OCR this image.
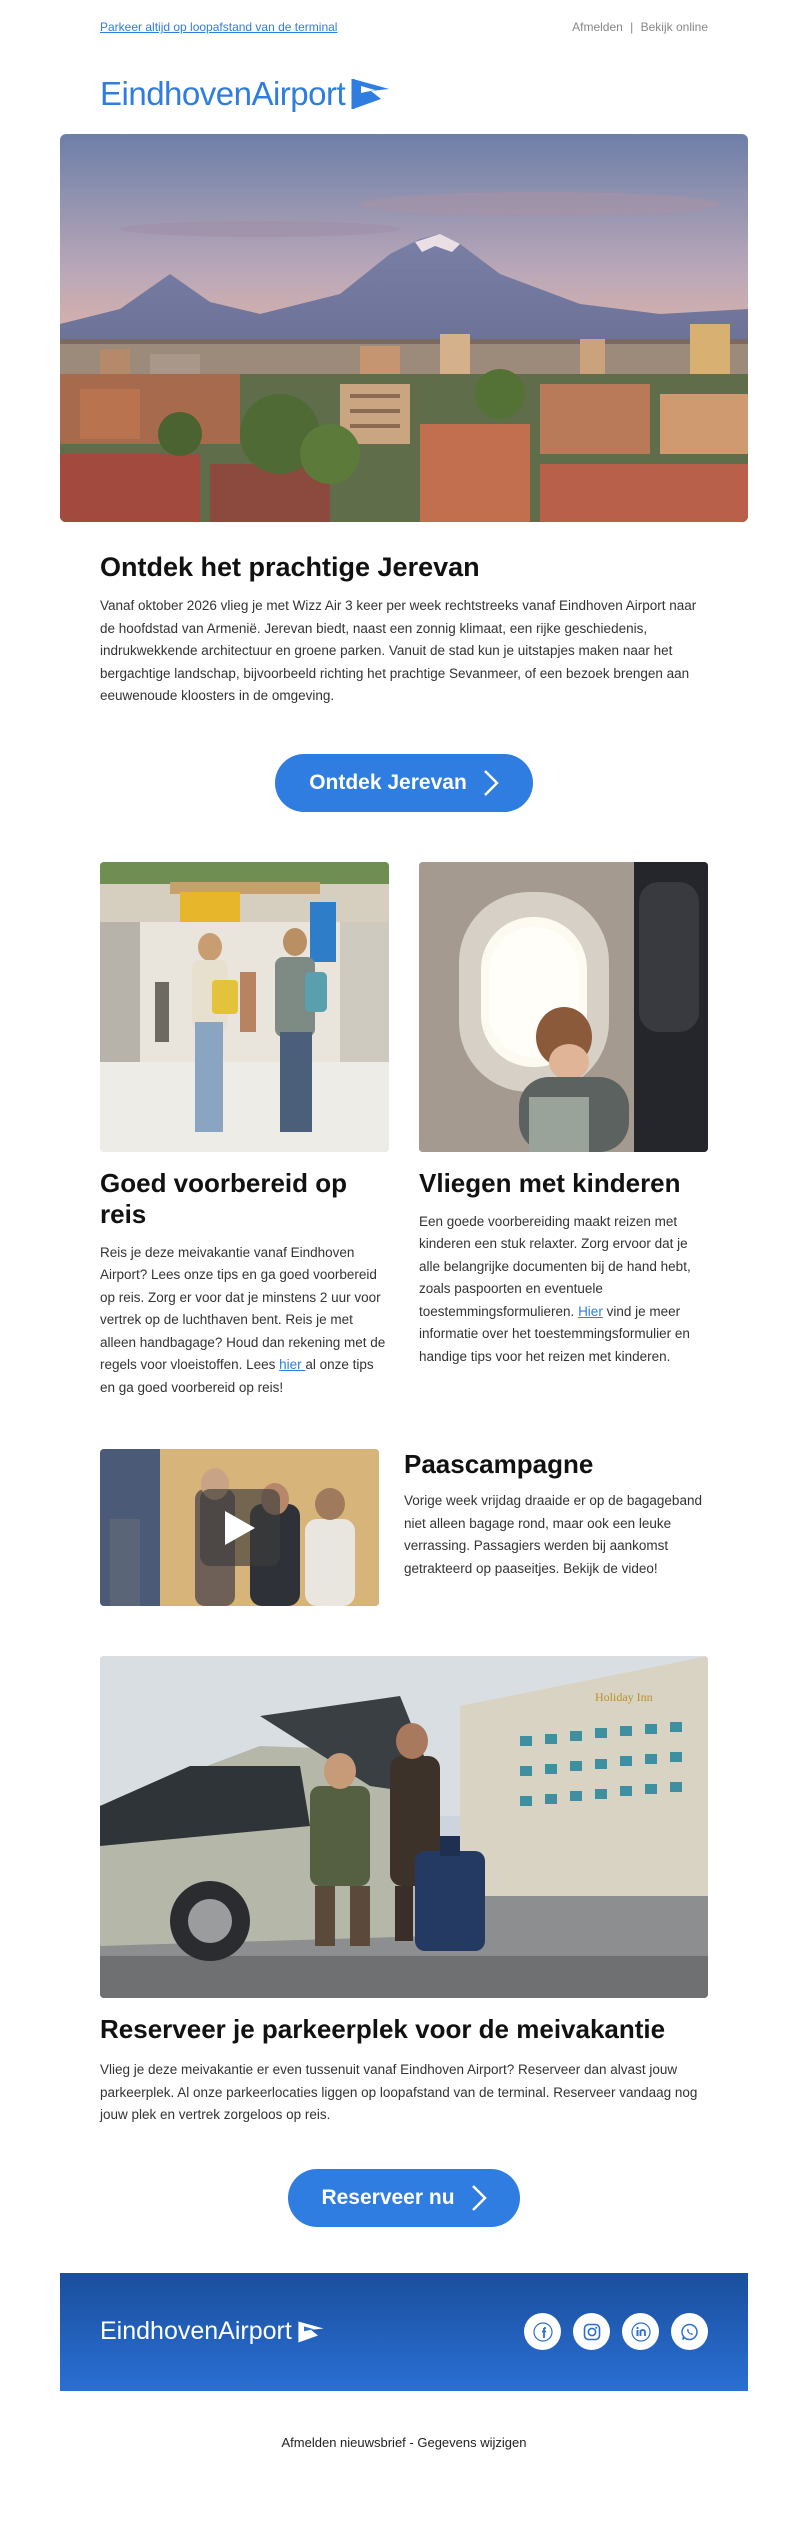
Parkeer altijd op loopafstand van de terminal	Afmelden | Bekijk online
EindhovenAirport
Ontdek het prachtige Jerevan

Vanaf oktober 2026 vlieg je met Wizz Air 3 keer per week rechtstreeks vanaf Eindhoven Airport naar de hoofdstad van Armenië. Jerevan biedt, naast een zonnig klimaat, een rijke geschiedenis, indrukwekkende architectuur en groene parken. Vanuit de stad kun je uitstapjes maken naar het bergachtige landschap, bijvoorbeeld richting het prachtige Sevanmeer, of een bezoek brengen aan eeuwenoude kloosters in de omgeving.

Ontdek Jerevan
Goed voorbereid op reis

Reis je deze meivakantie vanaf Eindhoven Airport? Lees onze tips en ga goed voorbereid op reis. Zorg er voor dat je minstens 2 uur voor vertrek op de luchthaven bent. Reis je met alleen handbagage? Houd dan rekening met de regels voor vloeistoffen. Lees hier al onze tips en ga goed voorbereid op reis!

Vliegen met kinderen

Een goede voorbereiding maakt reizen met kinderen een stuk relaxter. Zorg ervoor dat je alle belangrijke documenten bij de hand hebt, zoals paspoorten en eventuele toestemmingsformulieren. Hier vind je meer informatie over het toestemmingsformulier en handige tips voor het reizen met kinderen.

Paascampagne

Vorige week vrijdag draaide er op de bagageband niet alleen bagage rond, maar ook een leuke verrassing. Passagiers werden bij aankomst getrakteerd op paaseitjes. Bekijk de video!

Holiday Inn
Reserveer je parkeerplek voor de meivakantie

Vlieg je deze meivakantie er even tussenuit vanaf Eindhoven Airport? Reserveer dan alvast jouw parkeerplek. Al onze parkeerlocaties liggen op loopafstand van de terminal. Reserveer vandaag nog jouw plek en vertrek zorgeloos op reis.

Reserveer nu
EindhovenAirport
Afmelden nieuwsbrief - Gegevens wijzigen
